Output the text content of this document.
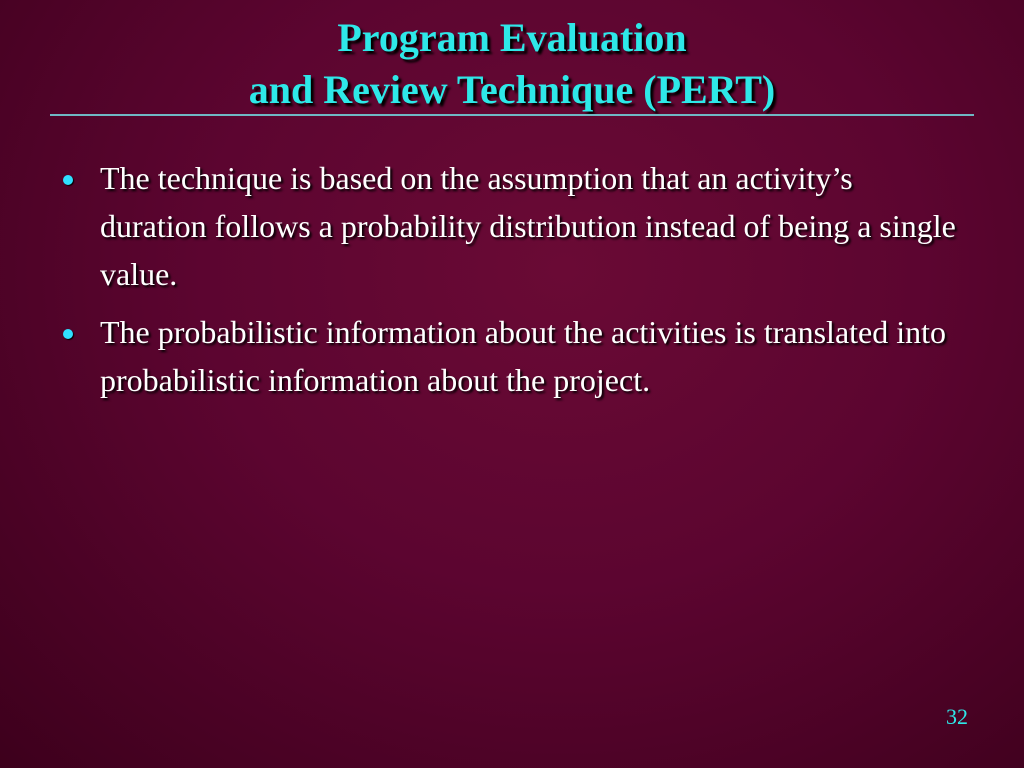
Program Evaluation
and Review Technique (PERT)
The technique is based on the assumption that an activity’s duration follows a probability distribution instead of being a single value.
The probabilistic information about the activities is translated into probabilistic information about the project.
32
